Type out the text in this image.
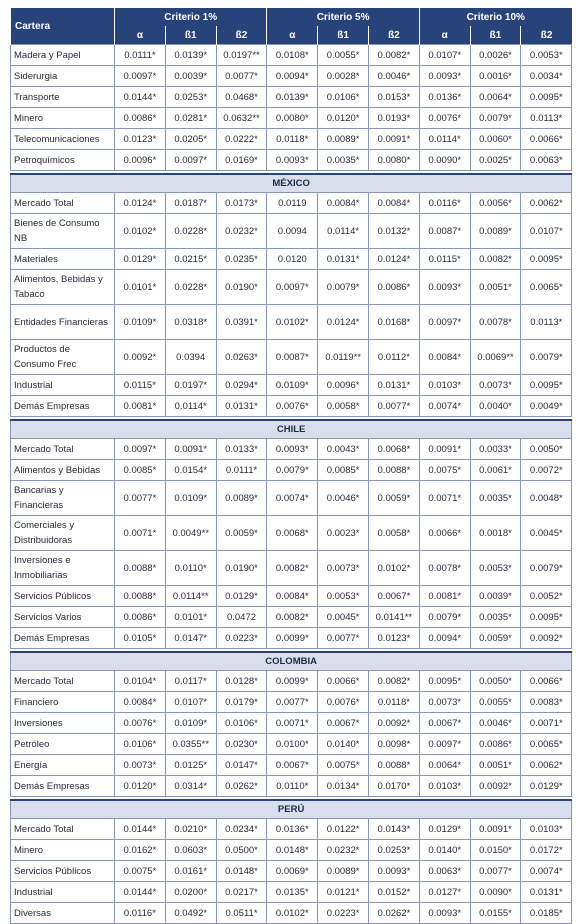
Cartera	Criterio 1%			Criterio 5%			Criterio 10%		
	α	ß1	ß2	α	ß1	ß2	α	ß1	ß2
Madera y Papel	0.0111*	0.0139*	0.0197**	0.0108*	0.0055*	0.0082*	0.0107*	0.0026*	0.0053*
Siderurgia	0.0097*	0.0039*	0.0077*	0.0094*	0.0028*	0.0046*	0.0093*	0.0016*	0.0034*
Transporte	0.0144*	0.0253*	0.0468*	0.0139*	0.0106*	0.0153*	0.0136*	0.0064*	0.0095*
Minero	0.0086*	0.0281*	0.0632**	0.0080*	0.0120*	0.0193*	0.0076*	0.0079*	0.0113*
Telecomunicaciones	0.0123*	0.0205*	0.0222*	0.0118*	0.0089*	0.0091*	0.0114*	0.0060*	0.0066*
Petroquímicos	0.0096*	0.0097*	0.0169*	0.0093*	0.0035*	0.0080*	0.0090*	0.0025*	0.0063*

MÉXICO									
Mercado Total	0.0124*	0.0187*	0.0173*	0.0119	0.0084*	0.0084*	0.0116*	0.0056*	0.0062*
Bienes de Consumo NB	0.0102*	0.0228*	0.0232*	0.0094	0.0114*	0.0132*	0.0087*	0.0089*	0.0107*
Materiales	0.0129*	0.0215*	0.0235*	0.0120	0.0131*	0.0124*	0.0115*	0.0082*	0.0095*
Alimentos, Bebidas y Tabaco	0.0101*	0.0228*	0.0190*	0.0097*	0.0079*	0.0086*	0.0093*	0.0051*	0.0065*
Entidades Financieras	0.0109*	0.0318*	0.0391*	0.0102*	0.0124*	0.0168*	0.0097*	0.0078*	0.0113*
Productos de Consumo Frec	0.0092*	0.0394	0.0263*	0.0087*	0.0119**	0.0112*	0.0084*	0.0069**	0.0079*
Industrial	0.0115*	0.0197*	0.0294*	0.0109*	0.0096*	0.0131*	0.0103*	0.0073*	0.0095*
Demás Empresas	0.0081*	0.0114*	0.0131*	0.0076*	0.0058*	0.0077*	0.0074*	0.0040*	0.0049*

CHILE									
Mercado Total	0.0097*	0.0091*	0.0133*	0.0093*	0.0043*	0.0068*	0.0091*	0.0033*	0.0050*
Alimentos y Bebidas	0.0085*	0.0154*	0.0111*	0.0079*	0.0085*	0.0088*	0.0075*	0.0061*	0.0072*
Bancarias y Financieras	0.0077*	0.0109*	0.0089*	0.0074*	0.0046*	0.0059*	0.0071*	0.0035*	0.0048*
Comerciales y Distribuidoras	0.0071*	0.0049**	0.0059*	0.0068*	0.0023*	0.0058*	0.0066*	0.0018*	0.0045*
Inversiones e Inmobiliarias	0.0088*	0.0110*	0.0190*	0.0082*	0.0073*	0.0102*	0.0078*	0.0053*	0.0079*
Servicios Públicos	0.0088*	0.0114**	0.0129*	0.0084*	0.0053*	0.0067*	0.0081*	0.0039*	0.0052*
Servicios Varios	0.0086*	0.0101*	0.0472	0.0082*	0.0045*	0.0141**	0.0079*	0.0035*	0.0095*
Demás Empresas	0.0105*	0.0147*	0.0223*	0.0099*	0.0077*	0.0123*	0.0094*	0.0059*	0.0092*

COLOMBIA									
Mercado Total	0.0104*	0.0117*	0.0128*	0.0099*	0.0066*	0.0082*	0.0095*	0.0050*	0.0066*
Financiero	0.0084*	0.0107*	0.0179*	0.0077*	0.0076*	0.0118*	0.0073*	0.0055*	0.0083*
Inversiones	0.0076*	0.0109*	0.0106*	0.0071*	0.0067*	0.0092*	0.0067*	0.0046*	0.0071*
Petróleo	0.0106*	0.0355**	0.0230*	0.0100*	0.0140*	0.0098*	0.0097*	0.0086*	0.0065*
Energía	0.0073*	0.0125*	0.0147*	0.0067*	0.0075*	0.0088*	0.0064*	0.0051*	0.0062*
Demás Empresas	0.0120*	0.0314*	0.0262*	0.0110*	0.0134*	0.0170*	0.0103*	0.0092*	0.0129*

PERÚ									
Mercado Total	0.0144*	0.0210*	0.0234*	0.0136*	0.0122*	0.0143*	0.0129*	0.0091*	0.0103*
Minero	0.0162*	0.0603*	0.0500*	0.0148*	0.0232*	0.0253*	0.0140*	0.0150*	0.0172*
Servicios Públicos	0.0075*	0.0161*	0.0148*	0.0069*	0.0089*	0.0093*	0.0063*	0.0077*	0.0074*
Industrial	0.0144*	0.0200*	0.0217*	0.0135*	0.0121*	0.0152*	0.0127*	0.0090*	0.0131*
Diversas	0.0116*	0.0492*	0.0511*	0.0102*	0.0223*	0.0262*	0.0093*	0.0155*	0.0185*
